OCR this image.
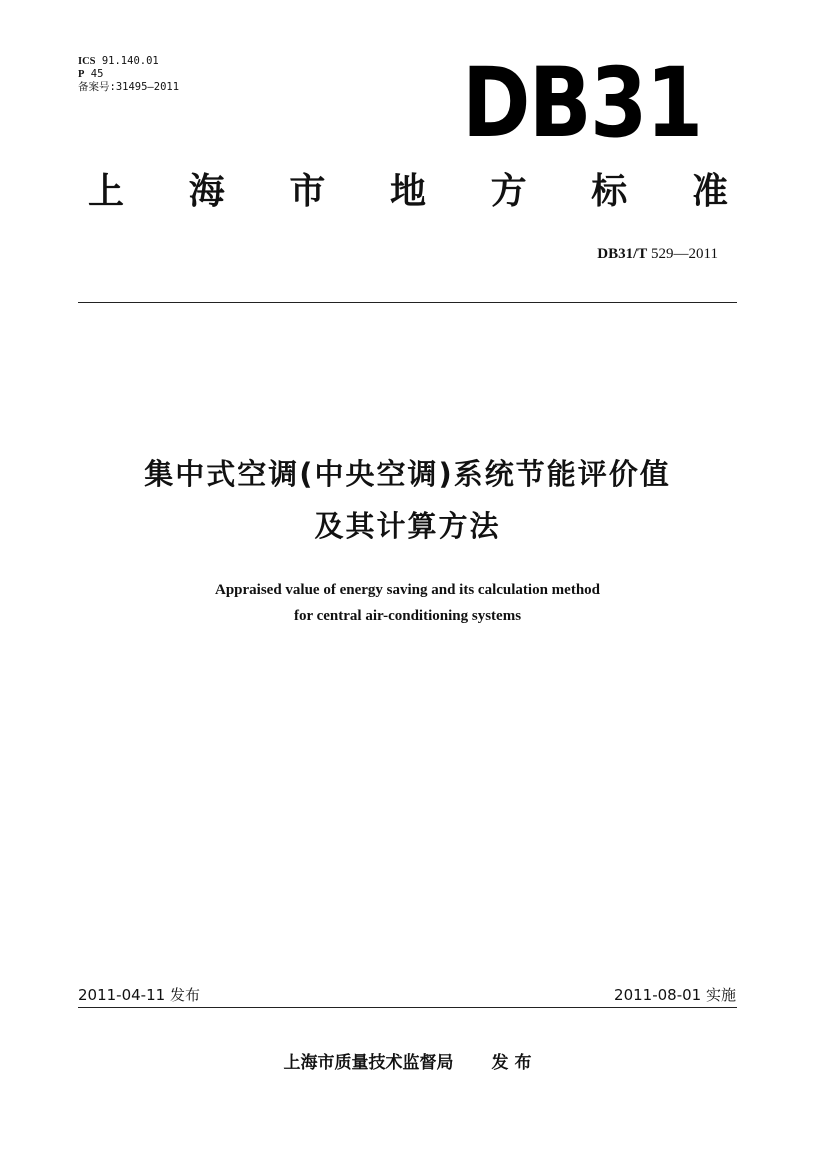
ICS 91.140.01
P 45
备案号:31495—2011	DB31
上 海 市 地 方 标 准
DB31/T 529—2011
集中式空调(中央空调)系统节能评价值
及其计算方法
Appraised value of energy saving and its calculation method
for central air-conditioning systems
2011-04-11 发布	2011-08-01 实施
上海市质量技术监督局 发 布
